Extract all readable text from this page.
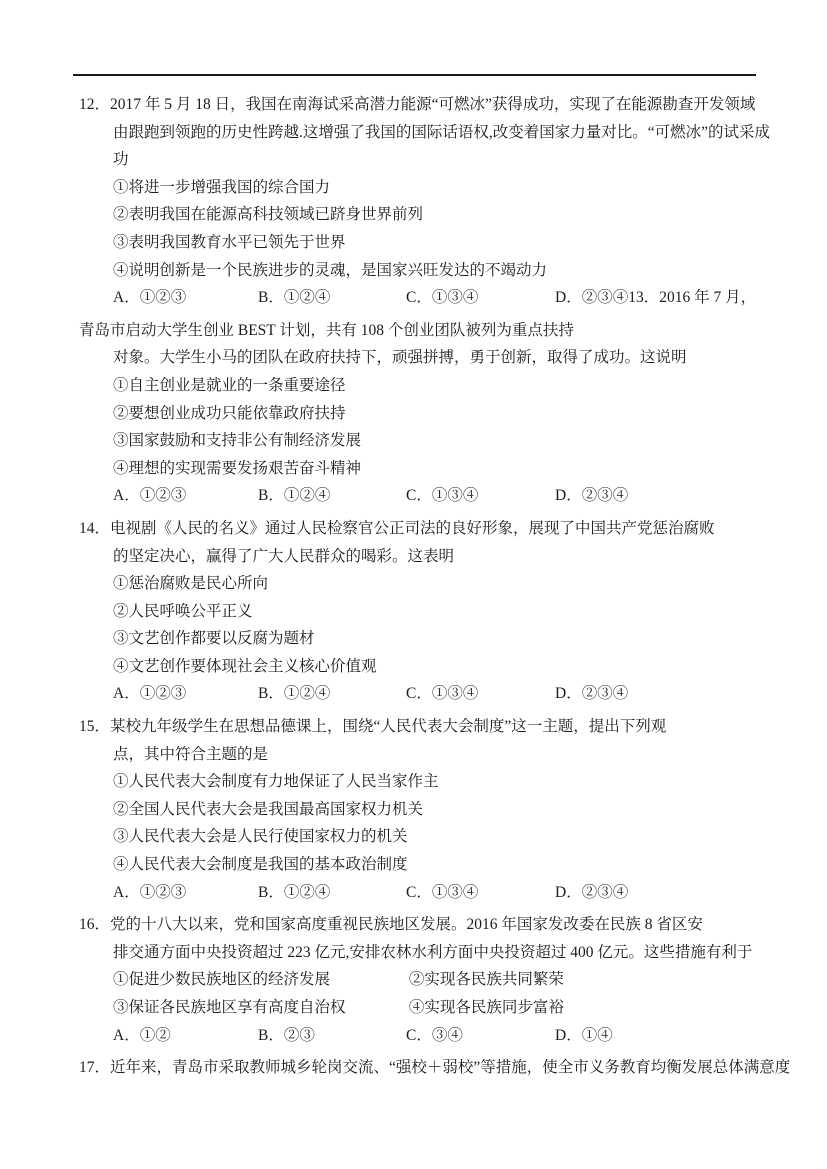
12．2017 年 5 月 18 日，我国在南海试采高潜力能源“可燃冰”获得成功，实现了在能源勘查开发领域
由跟跑到领跑的历史性跨越.这增强了我国的国际话语权,改变着国家力量对比。“可燃冰”的试采成
功
①将进一步增强我国的综合国力
②表明我国在能源高科技领域已跻身世界前列
③表明我国教育水平已领先于世界
④说明创新是一个民族进步的灵魂，是国家兴旺发达的不竭动力
A．①②③	B．①②④	C．①③④	D．②③④ 13．2016 年 7 月，
青岛市启动大学生创业 BEST 计划，共有 108 个创业团队被列为重点扶持
对象。大学生小马的团队在政府扶持下，顽强拼搏，勇于创新，取得了成功。这说明
①自主创业是就业的一条重要途径
②要想创业成功只能依靠政府扶持
③国家鼓励和支持非公有制经济发展
④理想的实现需要发扬艰苦奋斗精神
A．①②③	B．①②④	C．①③④	D．②③④
14．电视剧《人民的名义》通过人民检察官公正司法的良好形象，展现了中国共产党惩治腐败
的坚定决心，赢得了广大人民群众的喝彩。这表明
①惩治腐败是民心所向
②人民呼唤公平正义
③文艺创作都要以反腐为题材
④文艺创作要体现社会主义核心价值观
A．①②③	B．①②④	C．①③④	D．②③④
15．某校九年级学生在思想品德课上，围绕“人民代表大会制度”这一主题，提出下列观
点，其中符合主题的是
①人民代表大会制度有力地保证了人民当家作主
②全国人民代表大会是我国最高国家权力机关
③人民代表大会是人民行使国家权力的机关
④人民代表大会制度是我国的基本政治制度
A．①②③	B．①②④	C．①③④	D．②③④
16．党的十八大以来，党和国家高度重视民族地区发展。2016 年国家发改委在民族 8 省区安
排交通方面中央投资超过 223 亿元,安排农林水利方面中央投资超过 400 亿元。这些措施有利于
①促进少数民族地区的经济发展	②实现各民族共同繁荣
③保证各民族地区享有高度自治权	④实现各民族同步富裕
A．①②	B．②③	C．③④	D．①④
17．近年来，青岛市采取教师城乡轮岗交流、“强校＋弱校”等措施，使全市义务教育均衡发展总体满意度
